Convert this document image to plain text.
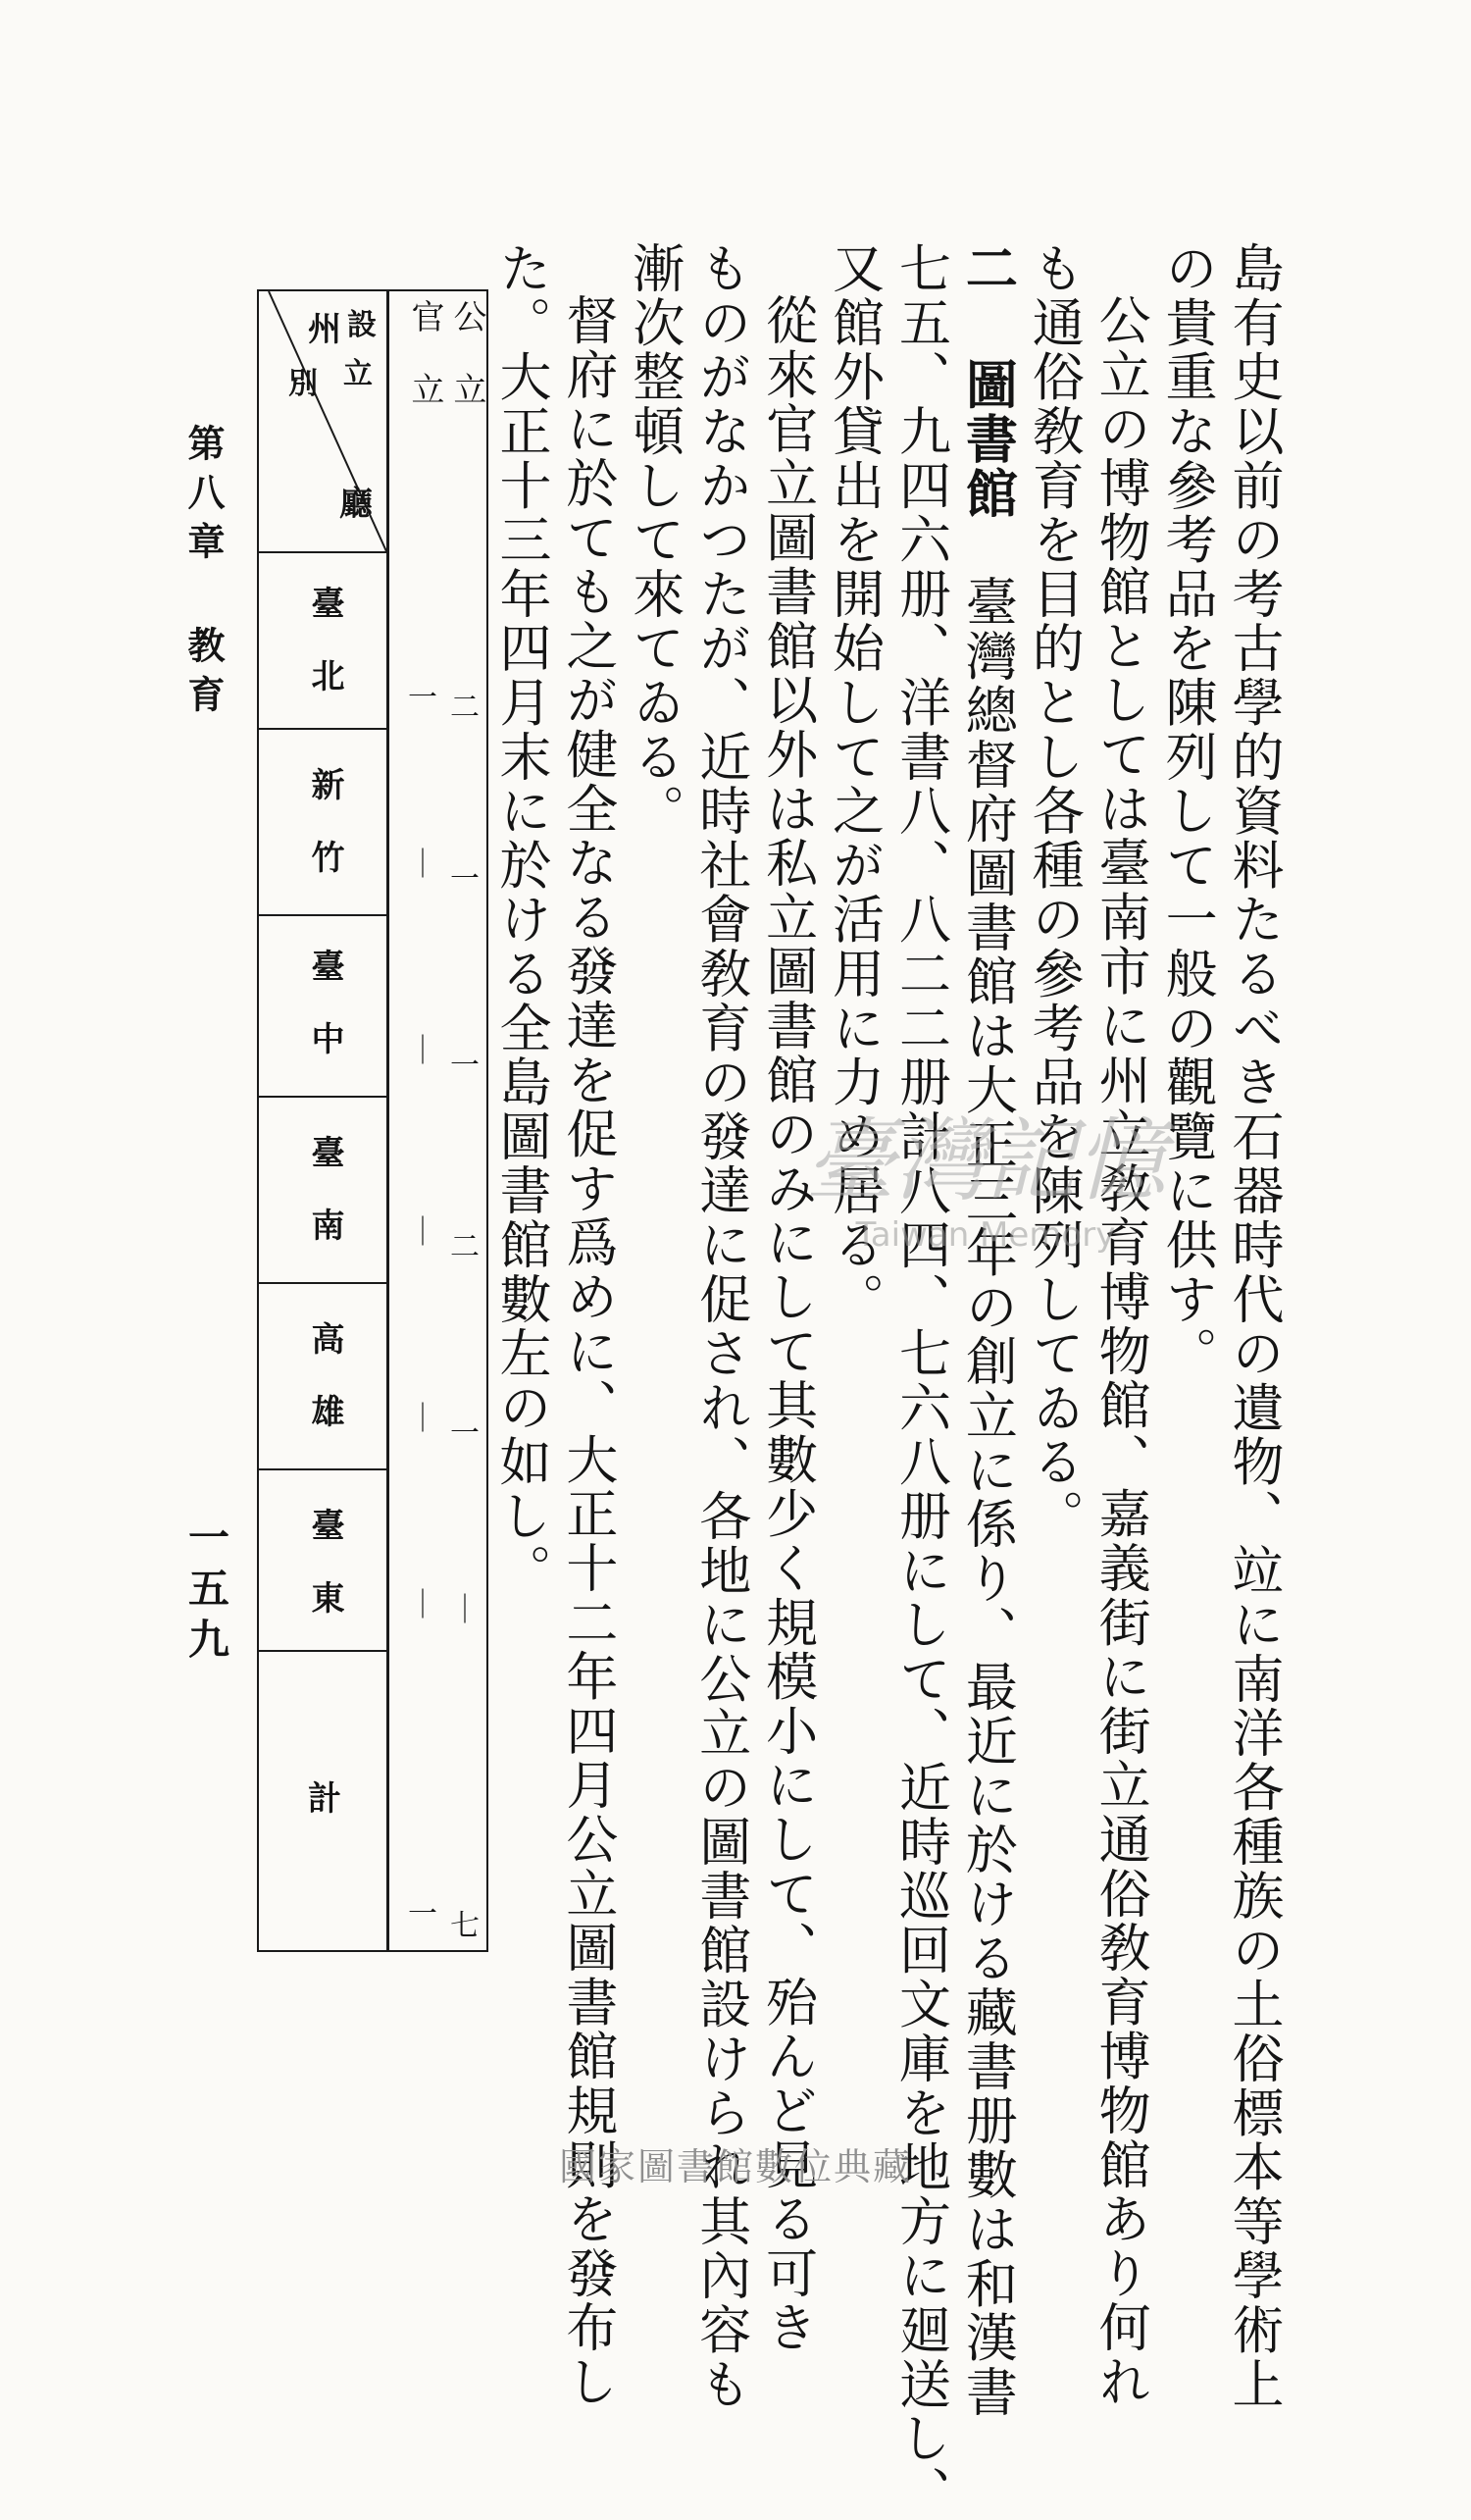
島有史以前の考古學的資料たるべき石器時代の遺物、竝に南洋各種族の土俗標本等學術上
の貴重な參考品を陳列して一般の觀覽に供す。
公立の博物館としては臺南市に州立敎育博物館、嘉義街に街立通俗敎育博物館あり何れ
も通俗敎育を目的とし各種の參考品を陳列してゐる。
二 圖書館　臺灣總督府圖書館は大正三年の創立に係り、最近に於ける藏書册數は和漢書
七五、九四六册、洋書八、八二二册計八四、七六八册にして、近時巡回文庫を地方に廻送し、
又館外貸出を開始して之が活用に力め居る。
從來官立圖書館以外は私立圖書館のみにして其數少く規模小にして、殆んど見る可き
ものがなかつたが、近時社會敎育の發達に促され、各地に公立の圖書館設けられ其內容も
漸次整頓して來てゐる。
督府に於ても之が健全なる發達を促す爲めに、大正十二年四月公立圖書館規則を發布し
た。大正十三年四月末に於ける全島圖書館數左の如し。
州
廳
設
立
別
臺 北
新 竹
臺 中
臺 南
高 雄
臺 東
計
官 立 公 立
一
｜
｜
｜
｜
｜
一
二
一
一
二
一
｜
七
第八章 教育
一五九
臺灣記憶
Taiwan Memory
國家圖書館數位典藏
